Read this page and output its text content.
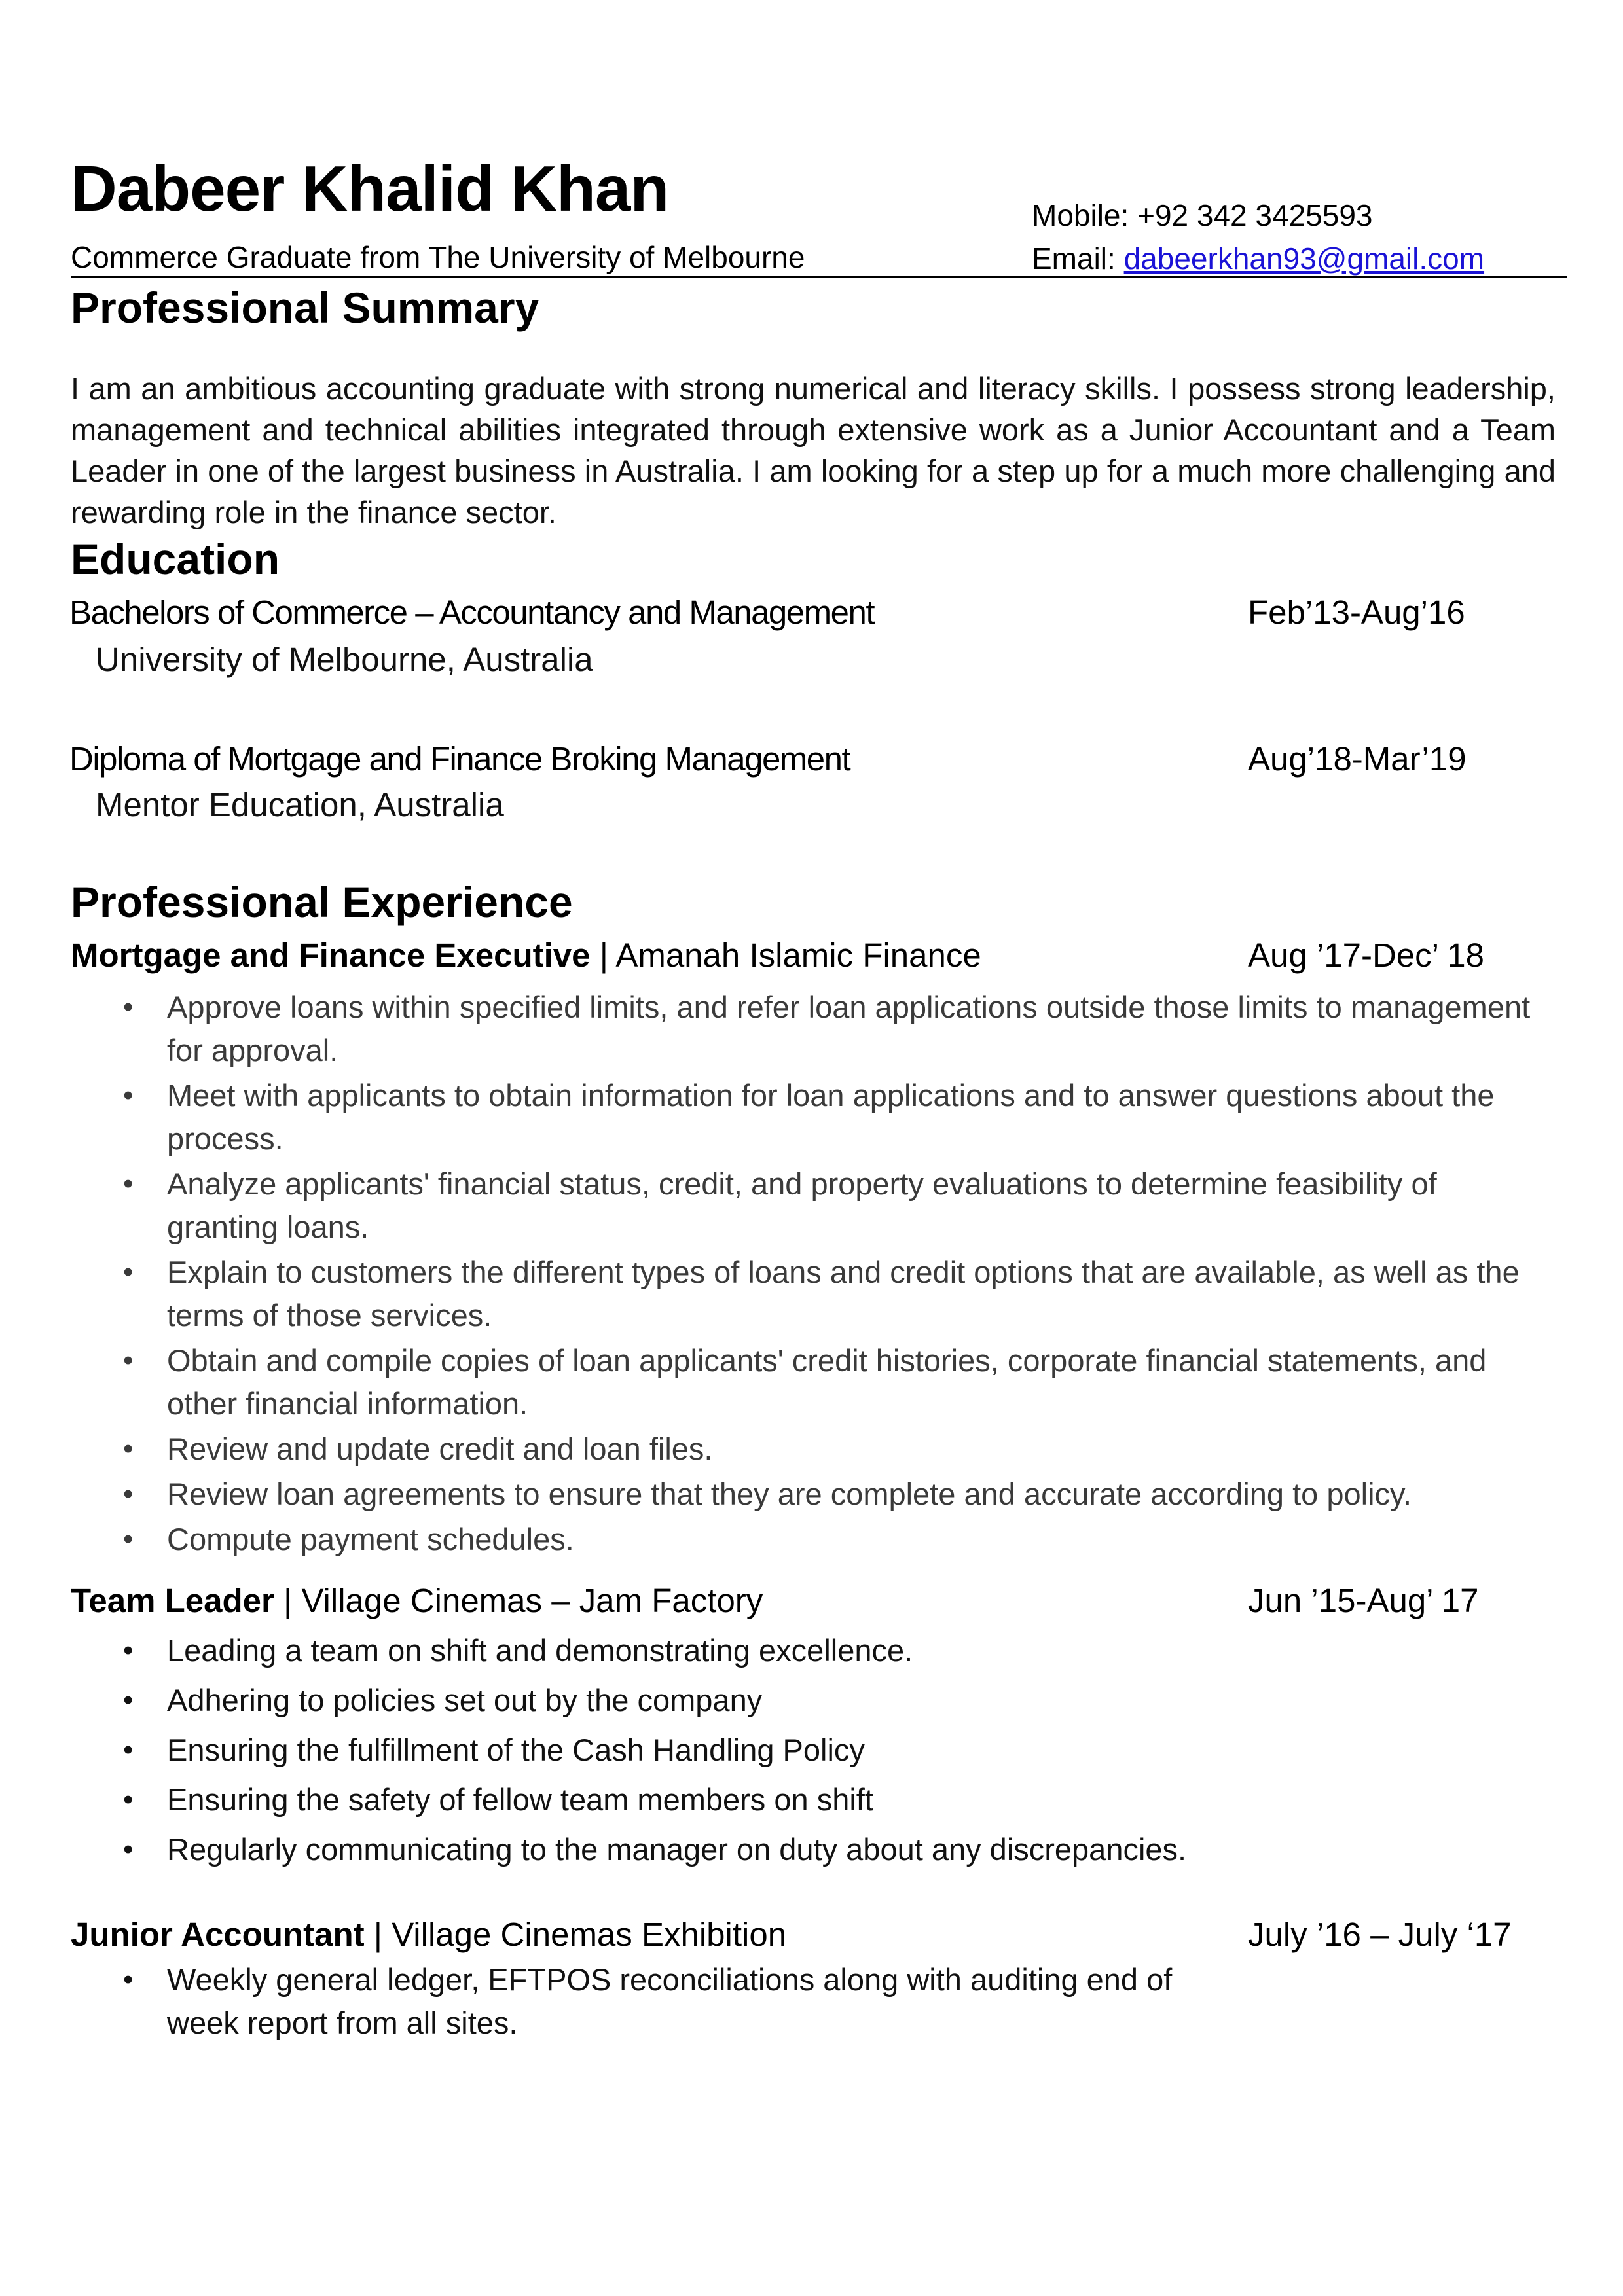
Dabeer Khalid Khan
Commerce Graduate from The University of Melbourne
Mobile: +92 342 3425593
Email: dabeerkhan93@gmail.com
Professional Summary
I am an ambitious accounting graduate with strong numerical and literacy skills. I possess strong leadership, management and technical abilities integrated through extensive work as a Junior Accountant and a Team Leader in one of the largest business in Australia. I am looking for a step up for a much more challenging and rewarding role in the finance sector.
Education
Bachelors of Commerce – Accountancy and Management	Feb’13-Aug’16
University of Melbourne, Australia
Diploma of Mortgage and Finance Broking Management	Aug’18-Mar’19
Mentor Education, Australia
Professional Experience
Mortgage and Finance Executive | Amanah Islamic Finance	Aug ’17-Dec’ 18
• Approve loans within specified limits, and refer loan applications outside those limits to management for approval.
• Meet with applicants to obtain information for loan applications and to answer questions about the process.
• Analyze applicants' financial status, credit, and property evaluations to determine feasibility of granting loans.
• Explain to customers the different types of loans and credit options that are available, as well as the terms of those services.
• Obtain and compile copies of loan applicants' credit histories, corporate financial statements, and other financial information.
• Review and update credit and loan files.
• Review loan agreements to ensure that they are complete and accurate according to policy.
• Compute payment schedules.
Team Leader | Village Cinemas – Jam Factory	Jun ’15-Aug’ 17
• Leading a team on shift and demonstrating excellence.
• Adhering to policies set out by the company
• Ensuring the fulfillment of the Cash Handling Policy
• Ensuring the safety of fellow team members on shift
• Regularly communicating to the manager on duty about any discrepancies.
Junior Accountant | Village Cinemas Exhibition	July ’16 – July ‘17
• Weekly general ledger, EFTPOS reconciliations along with auditing end of week report from all sites.
